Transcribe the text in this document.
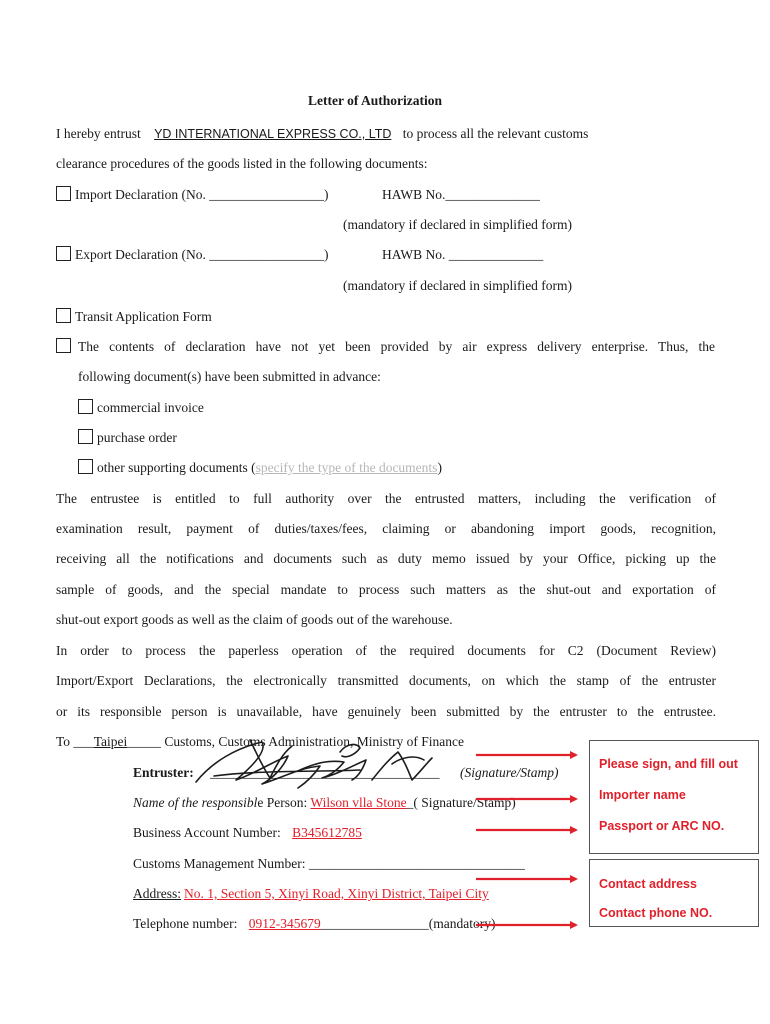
Letter of Authorization
I hereby entrust YD INTERNATIONAL EXPRESS CO., LTD to process all the relevant customs
clearance procedures of the goods listed in the following documents:
Import Declaration (No. _________________)	HAWB No.______________
(mandatory if declared in simplified form)
Export Declaration (No. _________________)	HAWB No. ______________
(mandatory if declared in simplified form)
Transit Application Form
The contents of declaration have not yet been provided by air express delivery enterprise. Thus, the
following document(s) have been submitted in advance:
commercial invoice
purchase order
other supporting documents (specify the type of the documents)
The entrustee is entitled to full authority over the entrusted matters, including the verification of
examination result, payment of duties/taxes/fees, claiming or abandoning import goods, recognition,
receiving all the notifications and documents such as duty memo issued by your Office, picking up the
sample of goods, and the special mandate to process such matters as the shut-out and exportation of
shut-out export goods as well as the claim of goods out of the warehouse.
In order to process the paperless operation of the required documents for C2 (Document Review)
Import/Export Declarations, the electronically transmitted documents, on which the stamp of the entruster
or its responsible person is unavailable, have genuinely been submitted by the entruster to the entrustee.
To ___Taipei_____ Customs, Customs Administration, Ministry of Finance
Entruster: __________________________________ (Signature/Stamp)
Name of the responsible Person: Wilson vlla Stone_( Signature/Stamp)
Business Account Number: B345612785
Customs Management Number: ________________________________
Address: No. 1, Section 5, Xinyi Road, Xinyi District, Taipei City
Telephone number: 0912-345679________________(mandatory)
Please sign, and fill out
Importer name
Passport or ARC NO.
Contact address
Contact phone NO.
